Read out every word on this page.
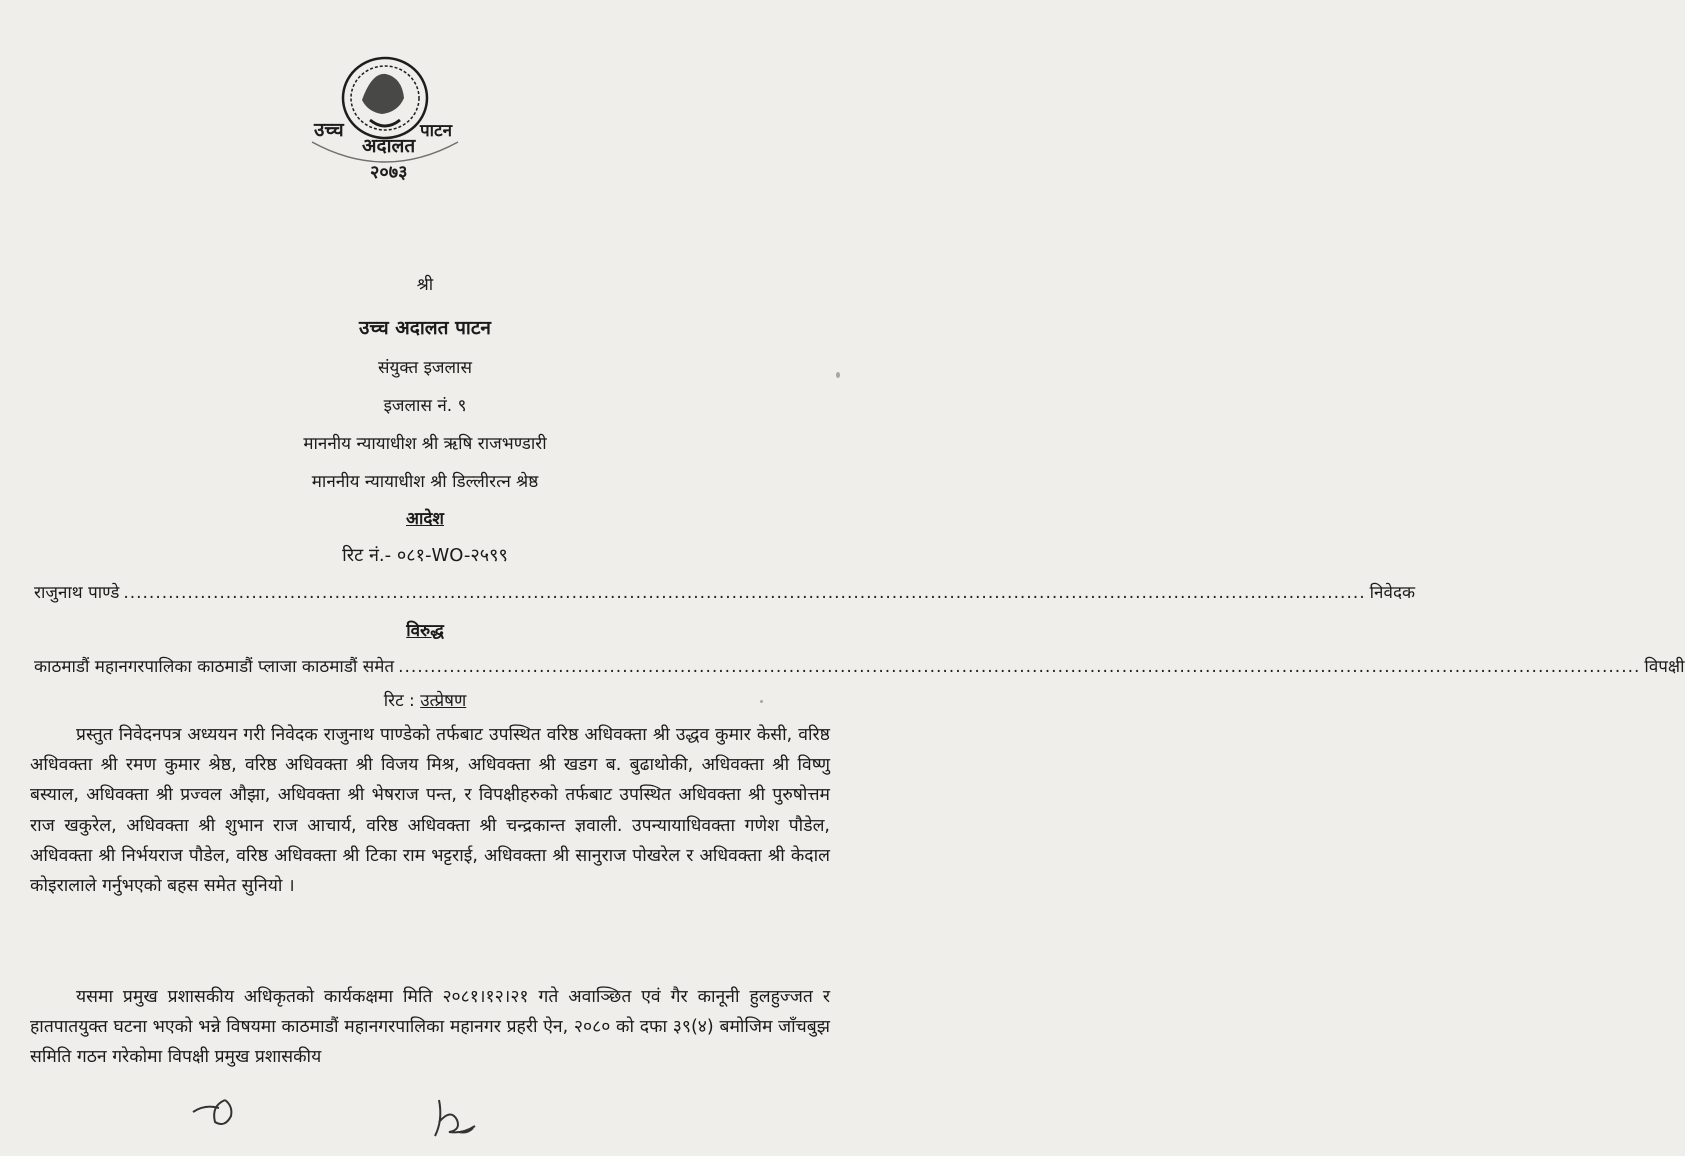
उच्च
अदालत
पाटन
२०७३
श्री
उच्च अदालत पाटन
संयुक्त इजलास
इजलास नं. ९
माननीय न्यायाधीश श्री ऋषि राजभण्डारी
माननीय न्यायाधीश श्री डिल्लीरत्न श्रेष्ठ
आदेश
रिट नं.- ०८१-WO-२५९९
राजुनाथ पाण्डे .................................................................................................................................................................................................. निवेदक
विरुद्ध
काठमाडौं महानगरपालिका काठमाडौं प्लाजा काठमाडौं समेत .................................................................................................................................................................................................. विपक्षी
रिट : उत्प्रेषण
प्रस्तुत निवेदनपत्र अध्ययन गरी निवेदक राजुनाथ पाण्डेको तर्फबाट उपस्थित वरिष्ठ अधिवक्ता श्री उद्धव कुमार केसी, वरिष्ठ अधिवक्ता श्री रमण कुमार श्रेष्ठ, वरिष्ठ अधिवक्ता श्री विजय मिश्र, अधिवक्ता श्री खडग ब. बुढाथोकी, अधिवक्ता श्री विष्णु बस्याल, अधिवक्ता श्री प्रज्वल औझा, अधिवक्ता श्री भेषराज पन्त, र विपक्षीहरुको तर्फबाट उपस्थित अधिवक्ता श्री पुरुषोत्तम राज खकुरेल, अधिवक्ता श्री शुभान राज आचार्य, वरिष्ठ अधिवक्ता श्री चन्द्रकान्त ज्ञवाली. उपन्यायाधिवक्ता गणेश पौडेल, अधिवक्ता श्री निर्भयराज पौडेल, वरिष्ठ अधिवक्ता श्री टिका राम भट्टराई, अधिवक्ता श्री सानुराज पोखरेल र अधिवक्ता श्री केदाल कोइरालाले गर्नुभएको बहस समेत सुनियो ।
यसमा प्रमुख प्रशासकीय अधिकृतको कार्यकक्षमा मिति २०८१।१२।२१ गते अवाञ्छित एवं गैर कानूनी हुलहुज्जत र हातपातयुक्त घटना भएको भन्ने विषयमा काठमाडौं महानगरपालिका महानगर प्रहरी ऐन, २०८० को दफा ३९(४) बमोजिम जाँचबुझ समिति गठन गरेकोमा विपक्षी प्रमुख प्रशासकीय
